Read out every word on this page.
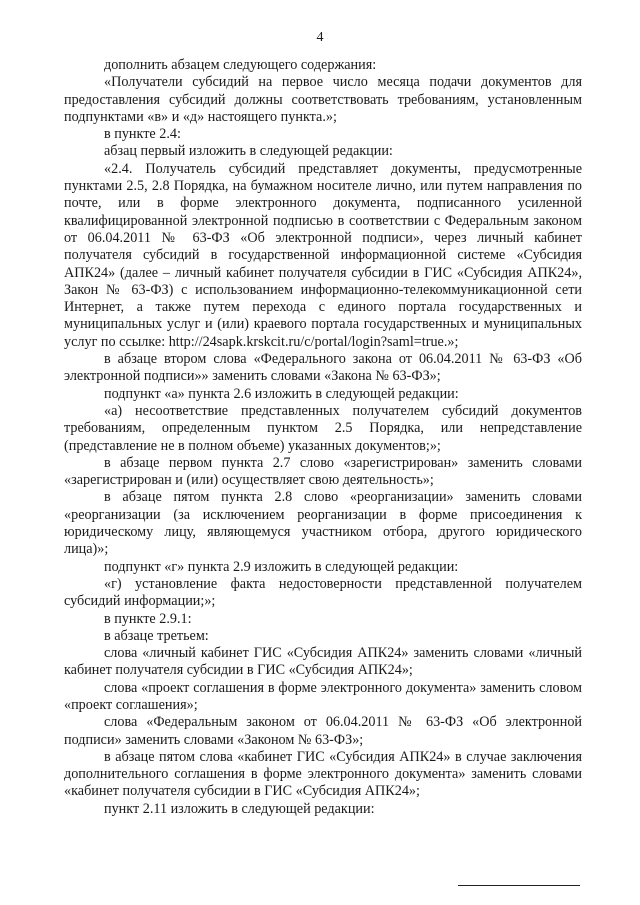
4

дополнить абзацем следующего содержания:

«Получатели субсидий на первое число месяца подачи документов для предоставления субсидий должны соответствовать требованиям, установленным подпунктами «в» и «д» настоящего пункта.»;

в пункте 2.4:

абзац первый изложить в следующей редакции:

«2.4. Получатель субсидий представляет документы, предусмотренные пунктами 2.5, 2.8 Порядка, на бумажном носителе лично, или путем направления по почте, или в форме электронного документа, подписанного усиленной квалифицированной электронной подписью в соответствии с Федеральным законом от 06.04.2011 № 63-ФЗ «Об электронной подписи», через личный кабинет получателя субсидий в государственной информационной системе «Субсидия АПК24» (далее – личный кабинет получателя субсидии в ГИС «Субсидия АПК24», Закон № 63-ФЗ) с использованием информационно-телекоммуникационной сети Интернет, а также путем перехода с единого портала государственных и муниципальных услуг и (или) краевого портала государственных и муниципальных услуг по ссылке: http://24sapk.krskcit.ru/c/portal/login?saml=true.»;

в абзаце втором слова «Федерального закона от 06.04.2011 № 63-ФЗ «Об электронной подписи»» заменить словами «Закона № 63-ФЗ»;

подпункт «а» пункта 2.6 изложить в следующей редакции:

«а) несоответствие представленных получателем субсидий документов требованиям, определенным пунктом 2.5 Порядка, или непредставление (представление не в полном объеме) указанных документов;»;

в абзаце первом пункта 2.7 слово «зарегистрирован» заменить словами «зарегистрирован и (или) осуществляет свою деятельность»;

в абзаце пятом пункта 2.8 слово «реорганизации» заменить словами «реорганизации (за исключением реорганизации в форме присоединения к юридическому лицу, являющемуся участником отбора, другого юридического лица)»;

подпункт «г» пункта 2.9 изложить в следующей редакции:

«г) установление факта недостоверности представленной получателем субсидий информации;»;

в пункте 2.9.1:

в абзаце третьем:

слова «личный кабинет ГИС «Субсидия АПК24» заменить словами «личный кабинет получателя субсидии в ГИС «Субсидия АПК24»;

слова «проект соглашения в форме электронного документа» заменить словом «проект соглашения»;

слова «Федеральным законом от 06.04.2011 № 63-ФЗ «Об электронной подписи» заменить словами «Законом № 63-ФЗ»;

в абзаце пятом слова «кабинет ГИС «Субсидия АПК24» в случае заключения дополнительного соглашения в форме электронного документа» заменить словами «кабинет получателя субсидии в ГИС «Субсидия АПК24»;

пункт 2.11 изложить в следующей редакции:
